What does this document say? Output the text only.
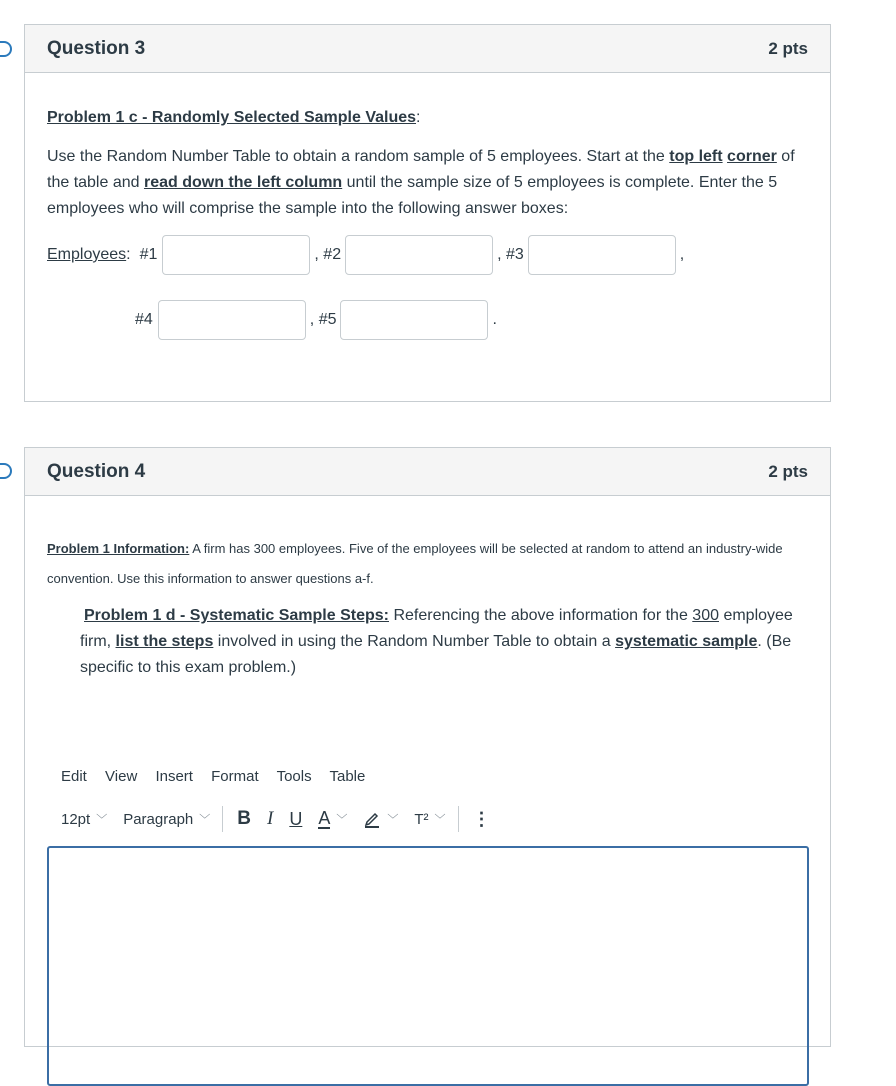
Question 3	2 pts

Problem 1 c - Randomly Selected Sample Values:

Use the Random Number Table to obtain a random sample of 5 employees. Start at the top left corner of the table and read down the left column until the sample size of 5 employees is complete. Enter the 5 employees who will comprise the sample into the following answer boxes:

Employees : #1	, #2	, #3	,
#4	, #5	.
Question 4	2 pts

Problem 1 Information: A firm has 300 employees. Five of the employees will be selected at random to attend an industry-wide convention. Use this information to answer questions a-f.

Problem 1 d - Systematic Sample Steps: Referencing the above information for the 300 employee firm, list the steps involved in using the Random Number Table to obtain a systematic sample. (Be specific to this exam problem.)

Edit View Insert Format Tools Table
12pt ﹀ Paragraph ﹀ B I U A ﹀	﹀ T² ﹀ ⋮
